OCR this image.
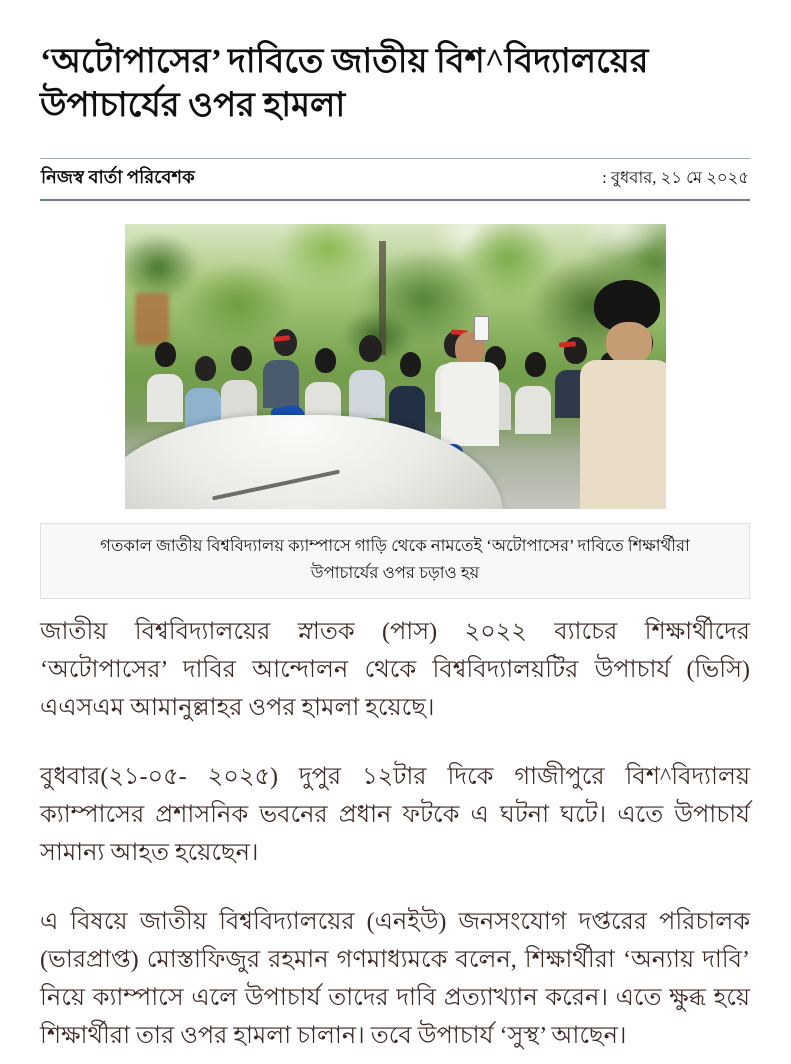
‘অটোপাসের’ দাবিতে জাতীয় বিশ^বিদ্যালয়ের উপাচার্যের ওপর হামলা
নিজস্ব বার্তা পরিবেশক	: বুধবার, ২১ মে ২০২৫
গতকাল জাতীয় বিশ্ববিদ্যালয় ক্যাম্পাসে গাড়ি থেকে নামতেই ‘অটোপাসের’ দাবিতে শিক্ষার্থীরা উপাচার্যের ওপর চড়াও হয়

জাতীয় বিশ্ববিদ্যালয়ের স্নাতক (পাস) ২০২২ ব্যাচের শিক্ষার্থীদের ‘অটোপাসের’ দাবির আন্দোলন থেকে বিশ্ববিদ্যালয়টির উপাচার্য (ভিসি) এএসএম আমানুল্লাহর ওপর হামলা হয়েছে।

বুধবার(২১-০৫- ২০২৫) দুপুর ১২টার দিকে গাজীপুরে বিশ^বিদ্যালয় ক্যাম্পাসের প্রশাসনিক ভবনের প্রধান ফটকে এ ঘটনা ঘটে। এতে উপাচার্য সামান্য আহত হয়েছেন।

এ বিষয়ে জাতীয় বিশ্ববিদ্যালয়ের (এনইউ) জনসংযোগ দপ্তরের পরিচালক (ভারপ্রাপ্ত) মোস্তাফিজুর রহমান গণমাধ্যমকে বলেন, শিক্ষার্থীরা ‘অন্যায় দাবি’ নিয়ে ক্যাম্পাসে এলে উপাচার্য তাদের দাবি প্রত্যাখ্যান করেন। এতে ক্ষুব্ধ হয়ে শিক্ষার্থীরা তার ওপর হামলা চালান। তবে উপাচার্য ‘সুস্থ’ আছেন।
